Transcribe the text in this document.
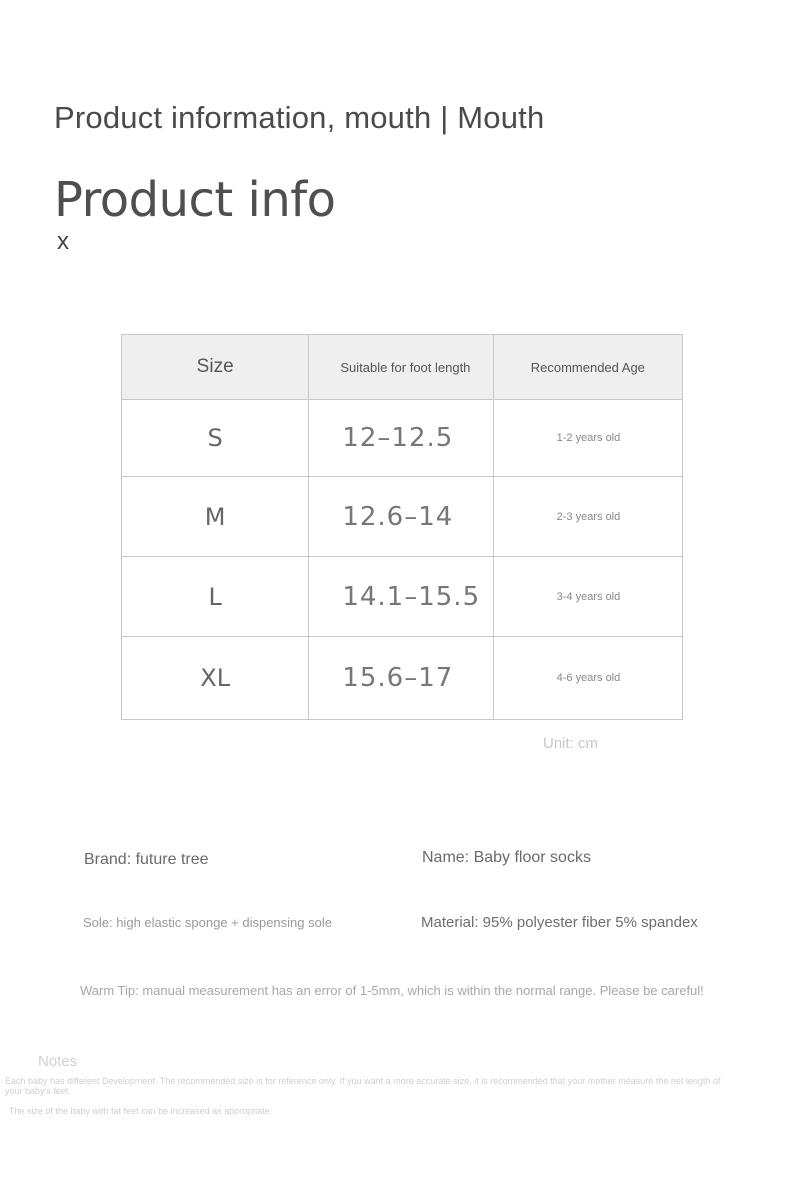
Product information, mouth | Mouth
Product info
x
Size	Suitable for foot length	Recommended Age
S	12–12.5	1-2 years old
M	12.6–14	2-3 years old
L	14.1–15.5	3-4 years old
XL	15.6–17	4-6 years old
Unit: cm
Brand: future tree	Name: Baby floor socks
Sole: high elastic sponge + dispensing sole	Material: 95% polyester fiber 5% spandex
Warm Tip: manual measurement has an error of 1-5mm, which is within the normal range. Please be careful!
Notes
Each baby has different Development. The recommended size is for reference only. If you want a more accurate size, it is recommended that your mother measure the net length of your baby's feet.
The size of the baby with fat feet can be increased as appropriate.
